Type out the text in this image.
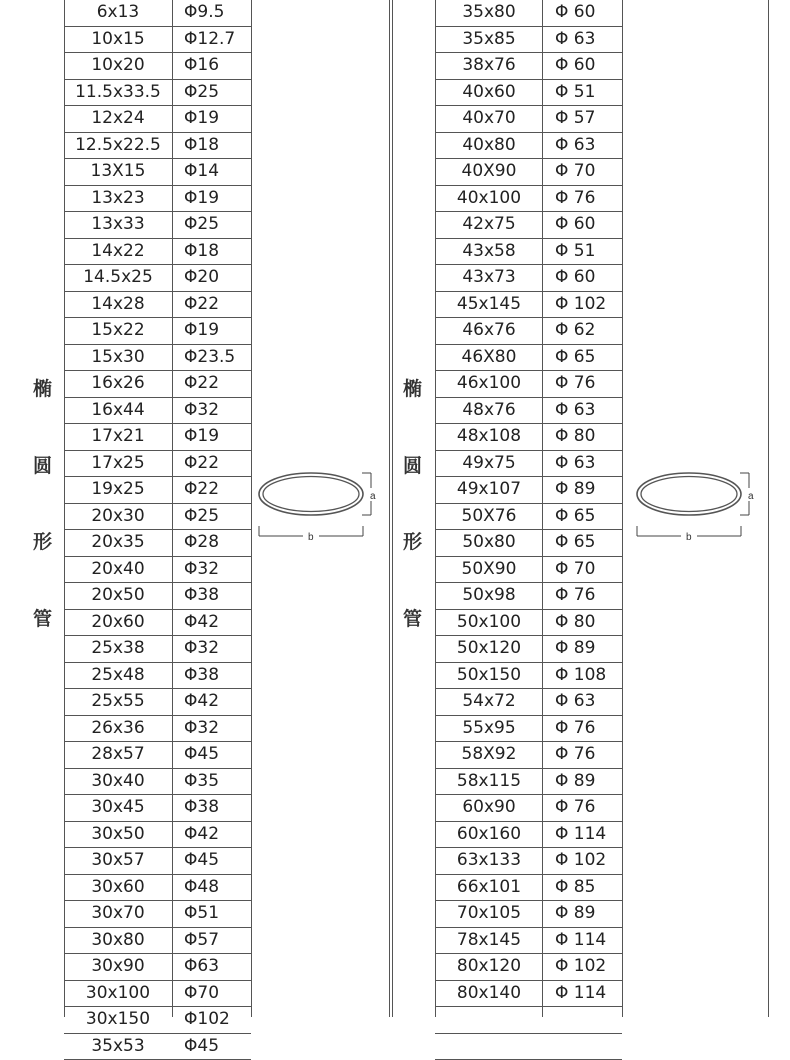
6x13	Φ9.5
10x15	Φ12.7
10x20	Φ16
11.5x33.5	Φ25
12x24	Φ19
12.5x22.5	Φ18
13X15	Φ14
13x23	Φ19
13x33	Φ25
14x22	Φ18
14.5x25	Φ20
14x28	Φ22
15x22	Φ19
15x30	Φ23.5
16x26	Φ22
16x44	Φ32
17x21	Φ19
17x25	Φ22
19x25	Φ22
20x30	Φ25
20x35	Φ28
20x40	Φ32
20x50	Φ38
20x60	Φ42
25x38	Φ32
25x48	Φ38
25x55	Φ42
26x36	Φ32
28x57	Φ45
30x40	Φ35
30x45	Φ38
30x50	Φ42
30x57	Φ45
30x60	Φ48
30x70	Φ51
30x80	Φ57
30x90	Φ63
30x100	Φ70
30x150	Φ102
35x53	Φ45
35x80	Φ 60
35x85	Φ 63
38x76	Φ 60
40x60	Φ 51
40x70	Φ 57
40x80	Φ 63
40X90	Φ 70
40x100	Φ 76
42x75	Φ 60
43x58	Φ 51
43x73	Φ 60
45x145	Φ 102
46x76	Φ 62
46X80	Φ 65
46x100	Φ 76
48x76	Φ 63
48x108	Φ 80
49x75	Φ 63
49x107	Φ 89
50X76	Φ 65
50x80	Φ 65
50X90	Φ 70
50x98	Φ 76
50x100	Φ 80
50x120	Φ 89
50x150	Φ 108
54x72	Φ 63
55x95	Φ 76
58X92	Φ 76
58x115	Φ 89
60x90	Φ 76
60x160	Φ 114
63x133	Φ 102
66x101	Φ 85
70x105	Φ 89
78x145	Φ 114
80x120	Φ 102
80x140	Φ 114
椭
圆
形
管
椭
圆
形
管
a
b
a
b
